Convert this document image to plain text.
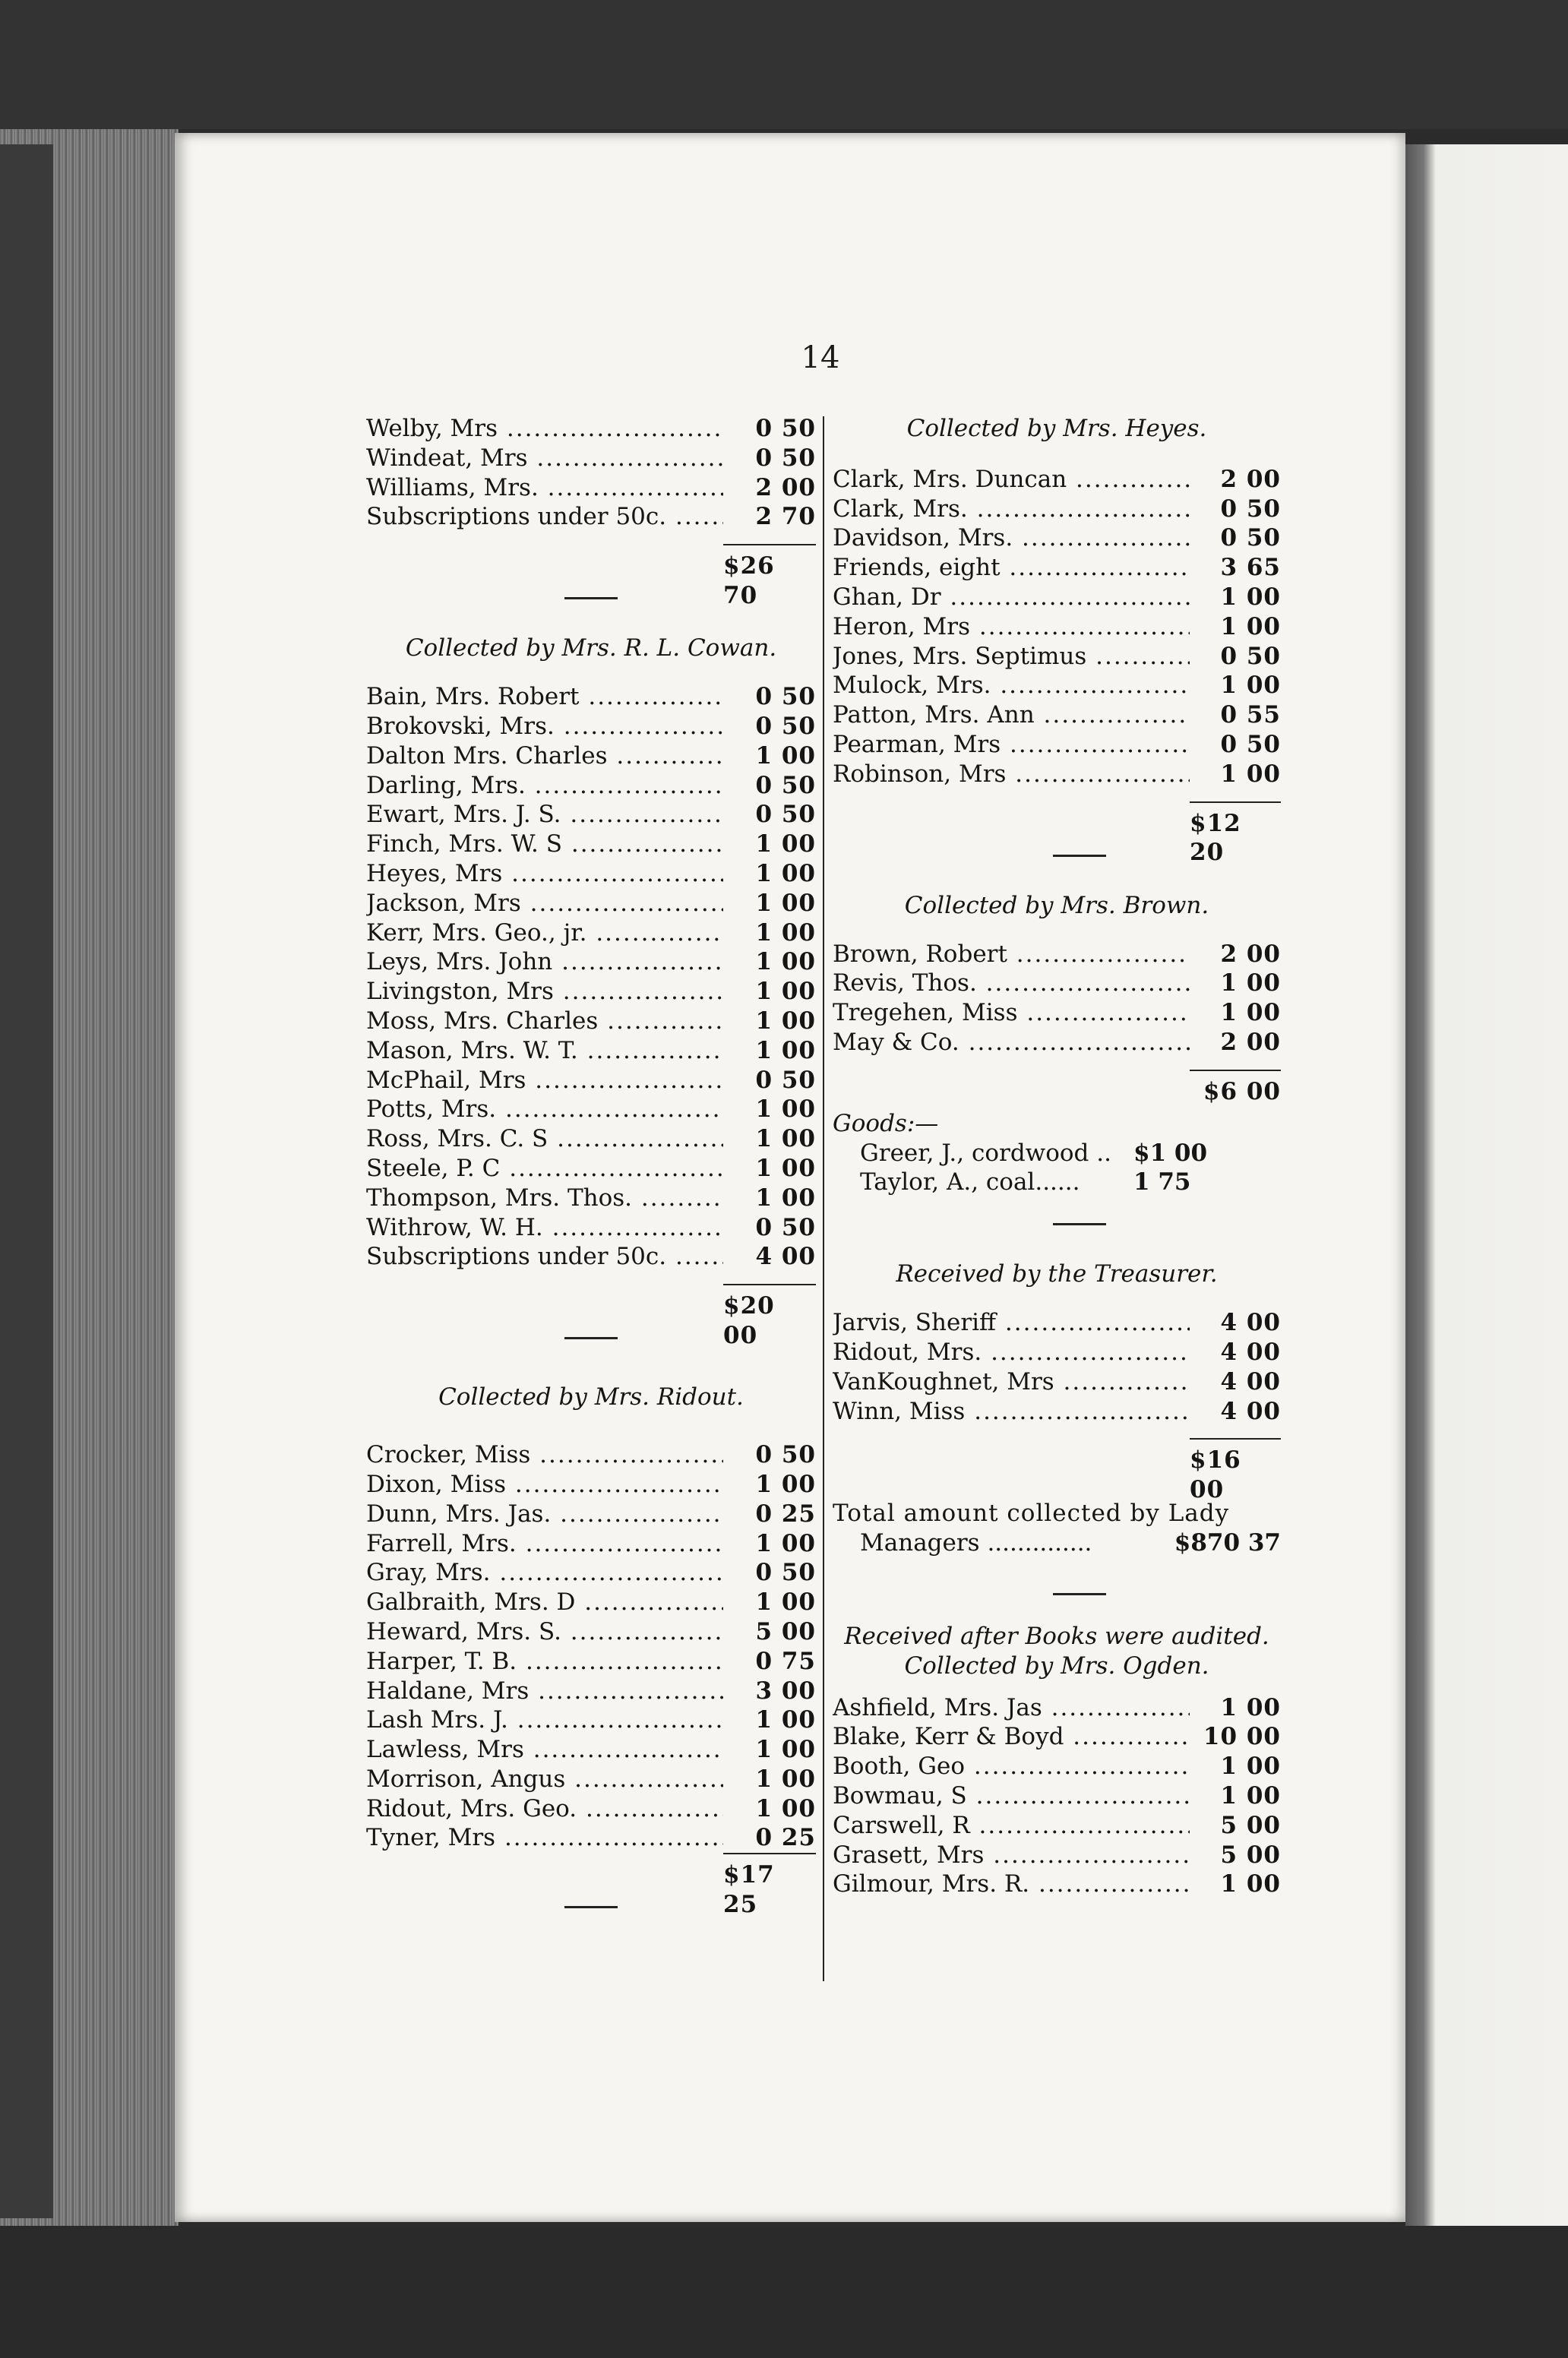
14
Welby, Mrs .....	0 50
Windeat, Mrs .....	0 50
Williams, Mrs. .....	2 00
Subscriptions under 50c. .....	2 70
$26 70
Collected by Mrs. R. L. Cowan.
Bain, Mrs. Robert .....	0 50
Brokovski, Mrs. .....	0 50
Dalton Mrs. Charles .....	1 00
Darling, Mrs. .....	0 50
Ewart, Mrs. J. S. .....	0 50
Finch, Mrs. W. S .....	1 00
Heyes, Mrs .....	1 00
Jackson, Mrs .....	1 00
Kerr, Mrs. Geo., jr. .....	1 00
Leys, Mrs. John .....	1 00
Livingston, Mrs .....	1 00
Moss, Mrs. Charles .....	1 00
Mason, Mrs. W. T. .....	1 00
McPhail, Mrs .....	0 50
Potts, Mrs. .....	1 00
Ross, Mrs. C. S .....	1 00
Steele, P. C .....	1 00
Thompson, Mrs. Thos. .....	1 00
Withrow, W. H. .....	0 50
Subscriptions under 50c. .....	4 00
$20 00
Collected by Mrs. Ridout.
Crocker, Miss .....	0 50
Dixon, Miss .....	1 00
Dunn, Mrs. Jas. .....	0 25
Farrell, Mrs. .....	1 00
Gray, Mrs. .....	0 50
Galbraith, Mrs. D .....	1 00
Heward, Mrs. S. .....	5 00
Harper, T. B. .....	0 75
Haldane, Mrs .....	3 00
Lash Mrs. J. .....	1 00
Lawless, Mrs .....	1 00
Morrison, Angus .....	1 00
Ridout, Mrs. Geo. .....	1 00
Tyner, Mrs .....	0 25
$17 25
Collected by Mrs. Heyes.
Clark, Mrs. Duncan .....	2 00
Clark, Mrs. .....	0 50
Davidson, Mrs. .....	0 50
Friends, eight .....	3 65
Ghan, Dr .....	1 00
Heron, Mrs .....	1 00
Jones, Mrs. Septimus .....	0 50
Mulock, Mrs. .....	1 00
Patton, Mrs. Ann .....	0 55
Pearman, Mrs .....	0 50
Robinson, Mrs .....	1 00
$12 20
Collected by Mrs. Brown.
Brown, Robert .....	2 00
Revis, Thos. .....	1 00
Tregehen, Miss .....	1 00
May & Co. .....	2 00
$6 00
Goods:—
Greer, J., cordwood .. $1 00
Taylor, A., coal...... 1 75
Received by the Treasurer.
Jarvis, Sheriff .....	4 00
Ridout, Mrs. .....	4 00
VanKoughnet, Mrs .....	4 00
Winn, Miss .....	4 00
$16 00
Total amount collected by Lady
Managers ..............	$870 37
Received after Books were audited.
Collected by Mrs. Ogden.
Ashfield, Mrs. Jas .....	1 00
Blake, Kerr & Boyd .....	10 00
Booth, Geo .....	1 00
Bowmau, S .....	1 00
Carswell, R .....	5 00
Grasett, Mrs .....	5 00
Gilmour, Mrs. R. .....	1 00
